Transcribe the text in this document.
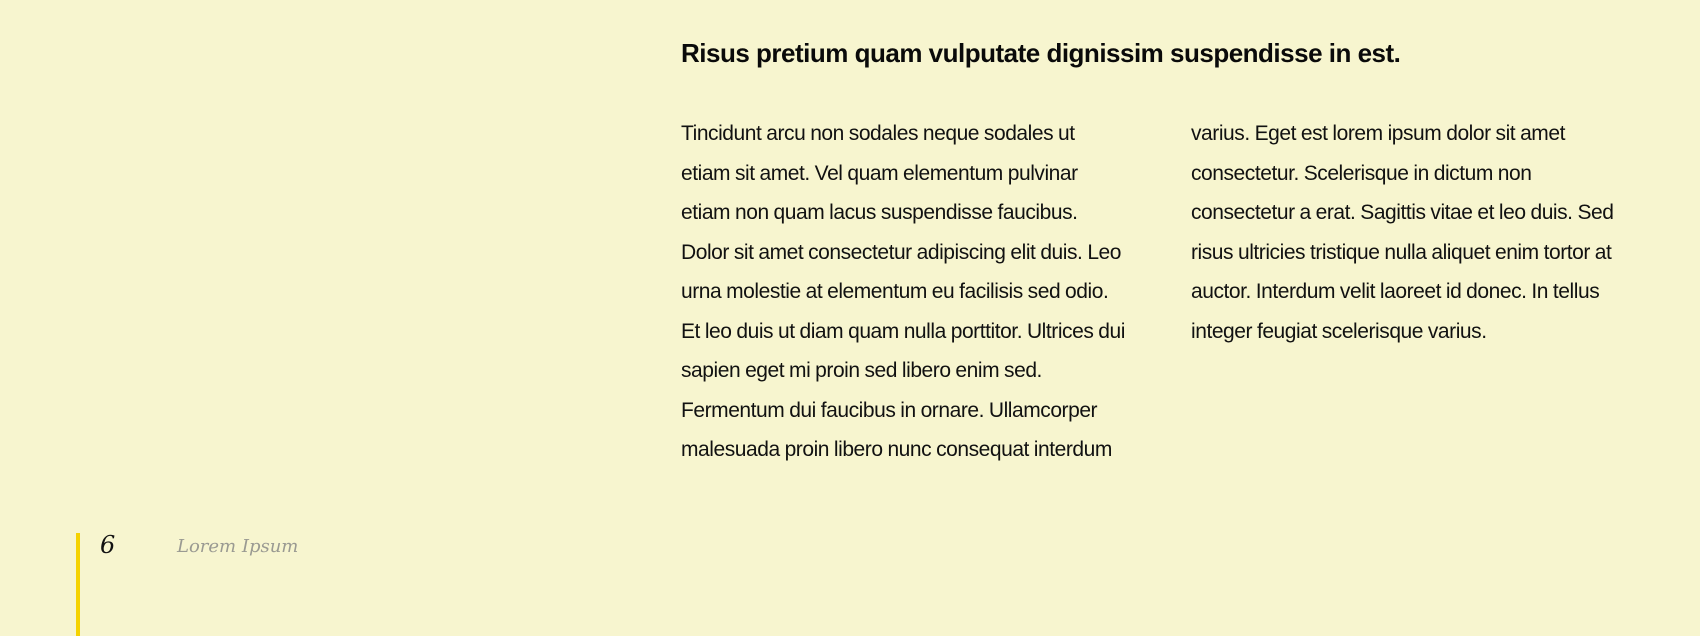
Risus pretium quam vulputate dignissim suspendisse in est.

Tincidunt arcu non sodales neque sodales ut etiam sit amet. Vel quam elementum pulvinar etiam non quam lacus suspendisse faucibus. Dolor sit amet consectetur adipiscing elit duis. Leo urna molestie at elementum eu facilisis sed odio. Et leo duis ut diam quam nulla porttitor. Ultrices dui sapien eget mi proin sed libero enim sed. Fermentum dui faucibus in ornare. Ullamcorper malesuada proin libero nunc consequat interdum varius. Eget est lorem ipsum dolor sit amet consectetur. Scelerisque in dictum non consectetur a erat. Sagittis vitae et leo duis. Sed risus ultricies tristique nulla aliquet enim tortor at auctor. Interdum velit laoreet id donec. In tellus integer feugiat scelerisque varius.

6	Lorem Ipsum
